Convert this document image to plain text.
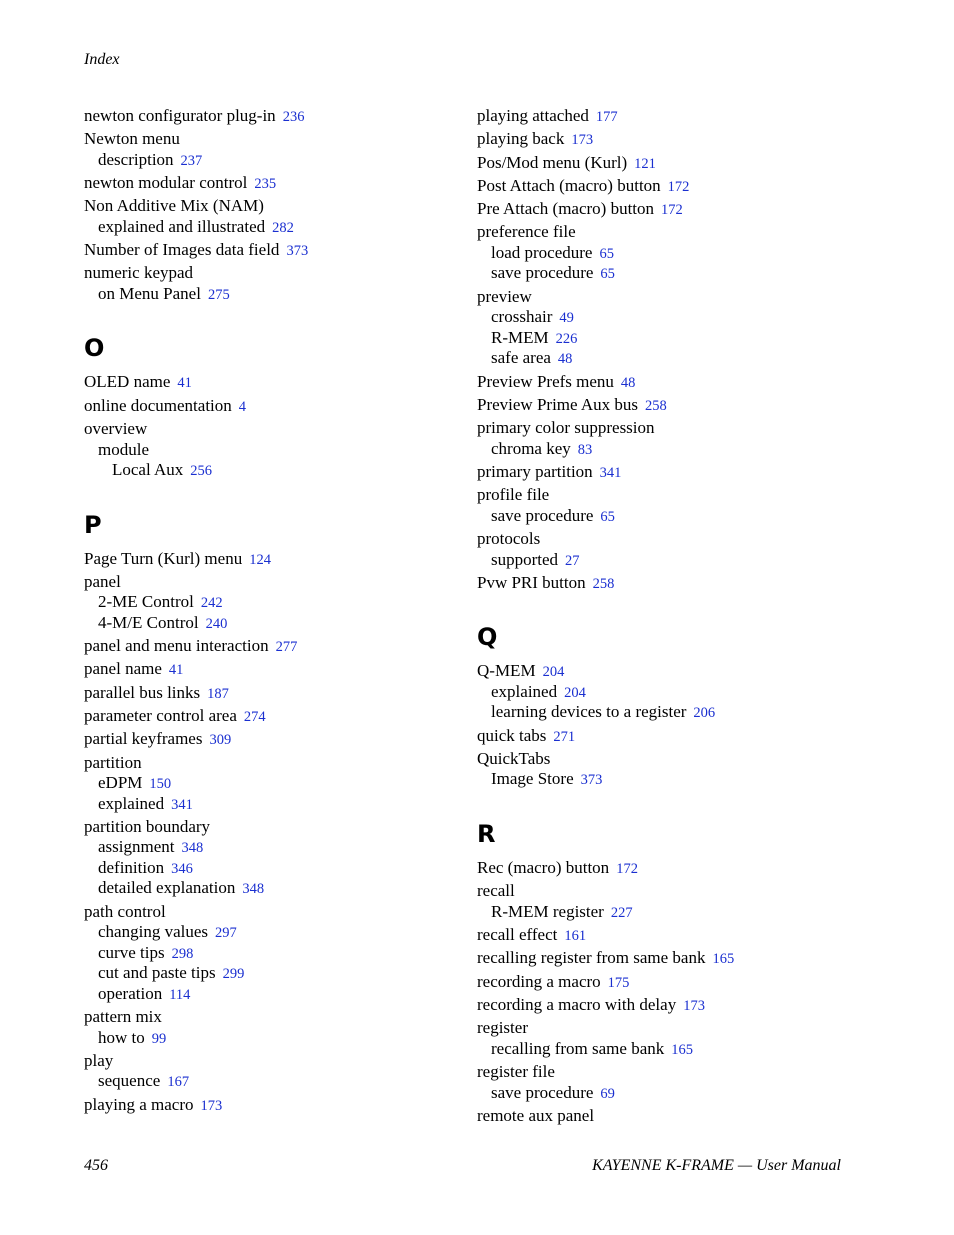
Index
newton configurator plug-in 236
Newton menu
description 237
newton modular control 235
Non Additive Mix (NAM)
explained and illustrated 282
Number of Images data field 373
numeric keypad
on Menu Panel 275
O
OLED name 41
online documentation 4
overview
module
Local Aux 256
P
Page Turn (Kurl) menu 124
panel
2-ME Control 242
4-M/E Control 240
panel and menu interaction 277
panel name 41
parallel bus links 187
parameter control area 274
partial keyframes 309
partition
eDPM 150
explained 341
partition boundary
assignment 348
definition 346
detailed explanation 348
path control
changing values 297
curve tips 298
cut and paste tips 299
operation 114
pattern mix
how to 99
play
sequence 167
playing a macro 173
playing attached 177
playing back 173
Pos/Mod menu (Kurl) 121
Post Attach (macro) button 172
Pre Attach (macro) button 172
preference file
load procedure 65
save procedure 65
preview
crosshair 49
R-MEM 226
safe area 48
Preview Prefs menu 48
Preview Prime Aux bus 258
primary color suppression
chroma key 83
primary partition 341
profile file
save procedure 65
protocols
supported 27
Pvw PRI button 258
Q
Q-MEM 204
explained 204
learning devices to a register 206
quick tabs 271
QuickTabs
Image Store 373
R
Rec (macro) button 172
recall
R-MEM register 227
recall effect 161
recalling register from same bank 165
recording a macro 175
recording a macro with delay 173
register
recalling from same bank 165
register file
save procedure 69
remote aux panel
456	KAYENNE K-FRAME — User Manual
